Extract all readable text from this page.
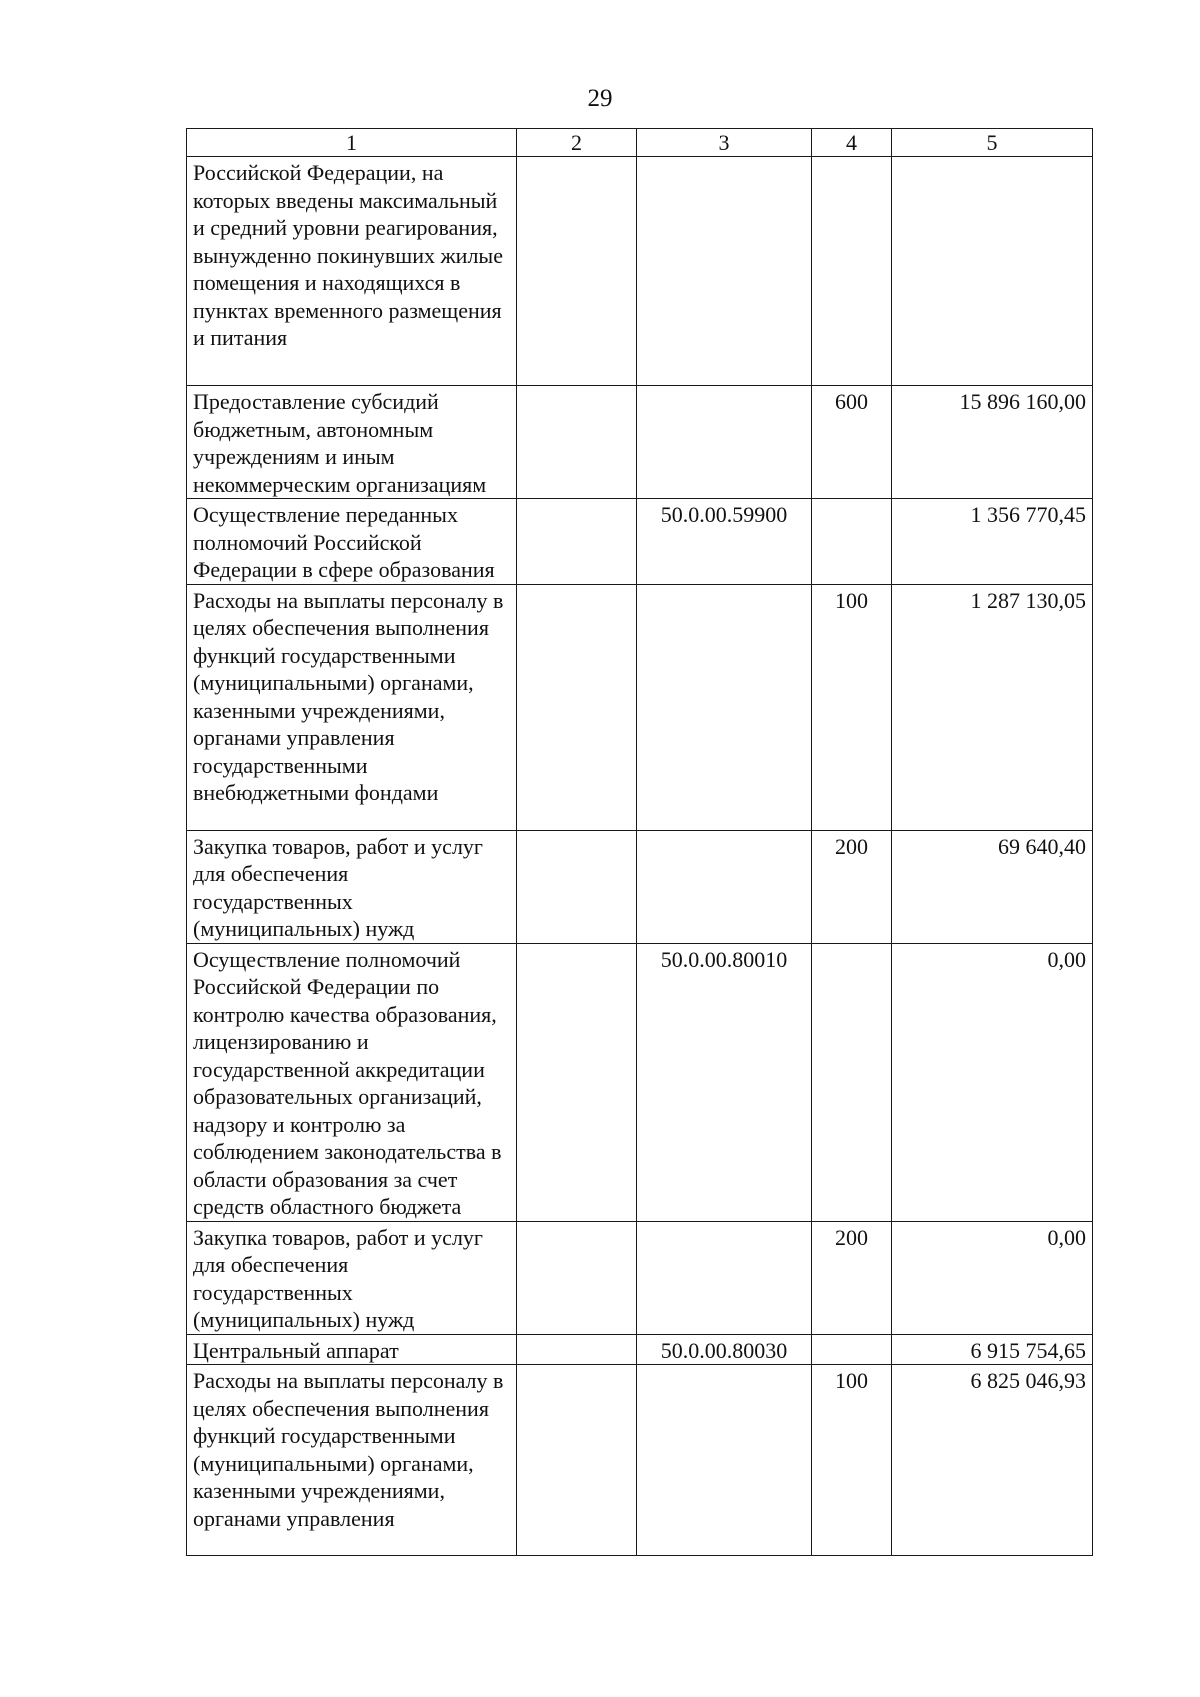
29
1	2	3	4	5
Российской Федерации, на которых введены максимальный и средний уровни реагирования, вынужденно покинувших жилые помещения и находящихся в пунктах временного размещения и питания				
Предоставление субсидий бюджетным, автономным учреждениям и иным некоммерческим организациям			600	15 896 160,00
Осуществление переданных полномочий Российской Федерации в сфере образования		50.0.00.59900		1 356 770,45
Расходы на выплаты персоналу в целях обеспечения выполнения функций государственными (муниципальными) органами, казенными учреждениями, органами управления государственными внебюджетными фондами			100	1 287 130,05
Закупка товаров, работ и услуг для обеспечения государственных (муниципальных) нужд			200	69 640,40
Осуществление полномочий Российской Федерации по контролю качества образования, лицензированию и государственной аккредитации образовательных организаций, надзору и контролю за соблюдением законодательства в области образования за счет средств областного бюджета		50.0.00.80010		0,00
Закупка товаров, работ и услуг для обеспечения государственных (муниципальных) нужд			200	0,00
Центральный аппарат		50.0.00.80030		6 915 754,65
Расходы на выплаты персоналу в целях обеспечения выполнения функций государственными (муниципальными) органами, казенными учреждениями, органами управления			100	6 825 046,93
